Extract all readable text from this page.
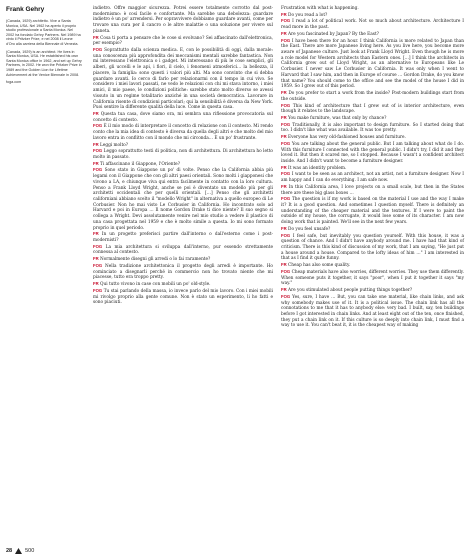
Frank Gehry

(Canada, 1929) architetto. Vive a Santa Monica, USA. Nel 1962 ha aperto il proprio studio professionale a Santa Monica. Nel 2002 ha fondato Gehry Partners. Nel 1989 ha vinto il Pritzker Prize, e nel 2008 il Leone d'Oro alla carriera della Biennale di Venezia.

(Canada, 1929) is an architect. He lives in Santa Monica, USA. He established his own Santa Monica office in 1962, and set up Gehry Partners, in 2002. He won the Pritzker Prize in 1989 and the Golden Lion for Lifetime Achievement at the Venice Biennale in 2008.

foga.com

indietro. Offre maggior sicurezza. Potrei essere totalmente corrotto dal post-modernismo: è così facile e confortante. Ma sarebbe una debolezza: guardare indietro è un po' arrendersi. Per sopravvivere dobbiamo guardare avanti, come per trovare una cura per il cancro o le altre malattie o una soluzione per vivere sul pianeta.

FR Cosa ti porta a pensare che le cose si evolvano? Sei affascinato dall'elettronica, per esempio?

FOG Soprattutto dalla scienza medica. E, con le possibilità di oggi, dalla morale: una conoscenza più approfondita dei meccanismi mentali sarebbe fantastica. Non mi interessano l'elettronica o i gadget. Mi interessano di più le cose semplici, gli alberi, gli uccelli e le api, i fiori, il cielo, i fenomeni atmosferici… la bellezza, il piacere, la famiglia: sono questi i valori più alti. Ma sono convinto che si debba guardare avanti. Io cerco di farlo per relazionarmi con il tempo in cui vivo. Se considero i miei lavori passati, ne vedo le relazioni con chi mi stava intorno, i miei amici, il mio paese, le condizioni politiche: sarebbe stato molto diverso se avessi vissuto in un regime totalitario anziché in una società democratica. Lavorare in California risente di condizioni particolari; qui la sensibilità è diversa da New York. Puoi sentire la differente qualità della luce. Come in questa casa.

FR Questa tua casa, dove siamo ora, mi sembra una riflessione provocatoria sul concetto di contesto.

FOG È il mio modo di interpretare il concetto di relazione con il contesto. Mi rendo conto che la mia idea di contesto è diversa da quella degli altri e che molto del mio lavoro entra in conflitto con il mondo che mi circonda… È un po' frustrante.

FR Leggi molto?

FOG Leggo soprattutto testi di politica, non di architettura. Di architettura ho letto molto in passato.

FR Ti affascinano il Giappone, l'Oriente?

FOG Sono stato in Giappone un po' di volte. Penso che la California abbia più legami con il Giappone che con gli altri paesi orientali. Sono molti i giapponesi che vivono a LA, e chiunque viva qui entra facilmente in contatto con la loro cultura. Penso a Frank Lloyd Wright, anche se poi è diventato un modello più per gli architetti occidentali che per quelli orientali. […] Penso che gli architetti californiani abbiano scelto il "modello Wright" in alternativa a quello europeo di Le Corbusier. Non ho mai visto Le Corbusier in California. Ho incontrato solo ad Harvard e poi in Europa … Il nome Gordon Drake ti dice niente? Il suo segno si collega a Wright. Devi assolutamente venire nel mio studio a vedere il plastico di una casa progettata nel 1959 e che è molto simile a questa. Io mi sono formato proprio in quel periodo.

FR In un progetto preferisci partire dall'interno o dall'esterno come i post-modernisti?

FOG La mia architettura si sviluppa dall'interno, pur essendo strettamente connessa al contesto.

FR Normalmente disegni gli arredi o lo fai raramente?

FOG Nella tradizione architettonica il progetto degli arredi è importante. Ho cominciato a disegnarli perché in commercio non ho trovato niente che mi piacesse, tutto era troppo pretty.

FR Qui tutto vivono in case con mobili un po' old-style.

FOG Tu stai parlando della massa, io invece parlo del mio lavoro. Con i miei mobili mi rivolgo proprio alla gente comune. Non è stato un esperimento, li ho fatti e sono piaciuti.

Frustration with what is happening.

FR Do you read a lot?

FOG I read a lot of political work. Not so much about architecture. Architecture I read more in the past.

FR Are you fascinated by Japan? By the East?

FOG I have been there for an hour. I think California is more related to Japan than the East. There are more Japanese living here. As you live here, you become more aware of Japanese culture. Just look at Frank Lloyd Wright. Even though he is more a role model for Western architects than Eastern ones. […] I think the architects in California grew out of Lloyd Wright, as an alternative to Europeans like Le Corbusier. I never saw Le Corbusier in California. It was only when I went to Harvard that I saw him, and then in Europe of course … Gordon Drake, do you know that name? You should come to the office and see the model of the house I did in 1959. So I grew out of this period.

FR Do you prefer to start a work from the inside? Post-modern buildings start from the outside.

FOG This kind of architecture that I grew out of is interior architecture, even though it relates to the landscape.

FR You make furniture, was that only by chance?

FOG Traditionally, it is also important to design furniture. So I started doing that too. I didn't like what was available. It was too pretty.

FR Everyone has very old-fashioned houses and furniture.

FOG You are talking about the general public. But I am talking about what do I do. With this furniture I connected with the general public. I didn't try, I did it and they loved it. But then it scared me, so I stopped. Because I wasn't a confident architect inside. And I didn't want to become a furniture designer.

FR It was an identity problem.

FOG I want to be seen as an architect, not an artist, not a furniture designer. Now I am happy and I can do everything. I am safe now.

FR In this California area, I love projects on a small scale, but then in the States there are these big glass boxes …

FOG The question is if my work is based on the material I use and the way I make it? It is a good question. And sometimes I question myself. There is definitely an understanding of the cheaper material and the textures. If I were to paint the outside of my house, the corrugate, it would lose some of its character. I am now doing work that is painted. We'll see in the next few years.

FR Do you feel unsafe?

FOG I feel safe, but inevitably you question yourself. With this house, it was a question of chance. And I didn't have anybody around me. I have had that kind of criticism. There is this kind of discussion of my work, that I am saying, "He just put a house around a house. Compared to the lofty ideas of him …" I am interested in that as I find it quite funny.

FR Cheap has also some quality.

FOG Cheap materials have also worries, different worries. They use them differently. When someone puts it together, it says "poor", when I put it together it says "my way."

FR Are you stimulated about people putting things together?

FOG Yes, sure, I have … But, you can take one material, like chain links, and ask why somebody makes use of it. It is a political issue. The chain link has all the connotations to me that it has to anybody else: very bad. I built, say, ten buildings before I got interested in chain links. And at least eight out of the ten, once finished, they put a chain link on it. If this culture is so deeply into chain link, I must find a way to use it. You can't beat it, it is the cheapest way of making

28 500
